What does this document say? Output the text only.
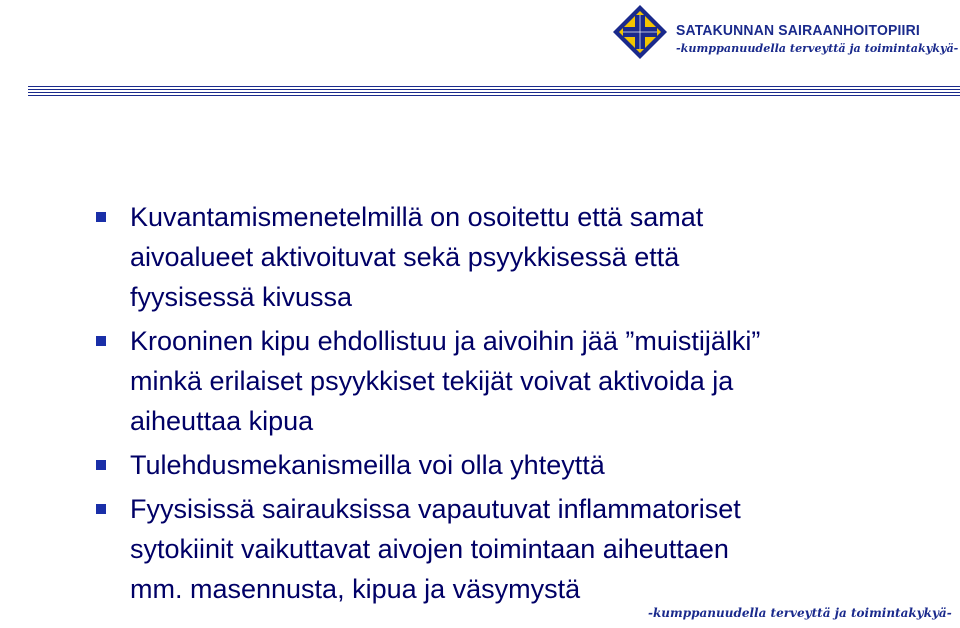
SATAKUNNAN SAIRAANHOITOPIIRI
-kumppanuudella terveyttä ja toimintakykyä-
Kuvantamismenetelmillä on osoitettu että samat
aivoalueet aktivoituvat sekä psyykkisessä että
fyysisessä kivussa
Krooninen kipu ehdollistuu ja aivoihin jää ”muistijälki”
minkä erilaiset psyykkiset tekijät voivat aktivoida ja
aiheuttaa kipua
Tulehdusmekanismeilla voi olla yhteyttä
Fyysisissä sairauksissa vapautuvat inflammatoriset
sytokiinit vaikuttavat aivojen toimintaan aiheuttaen
mm. masennusta, kipua ja väsymystä
-kumppanuudella terveyttä ja toimintakykyä-
